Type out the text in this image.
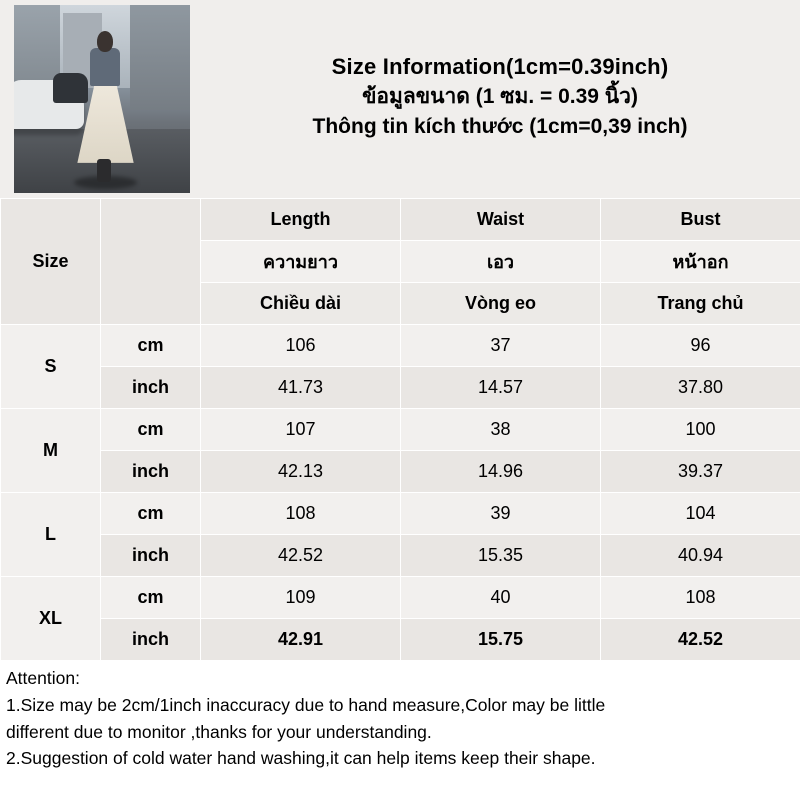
Size Information(1cm=0.39inch)
ข้อมูลขนาด (1 ซม. = 0.39 นิ้ว)
Thông tin kích thước (1cm=0,39 inch)
Size		Length	Waist	Bust
		ความยาว	เอว	หน้าอก
		Chiều dài	Vòng eo	Trang chủ
S	cm	106	37	96
	inch	41.73	14.57	37.80
M	cm	107	38	100
	inch	42.13	14.96	39.37
L	cm	108	39	104
	inch	42.52	15.35	40.94
XL	cm	109	40	108
	inch	42.91	15.75	42.52
Attention:
1.Size may be 2cm/1inch inaccuracy due to hand measure,Color may be little
different due to monitor ,thanks for your understanding.
2.Suggestion of cold water hand washing,it can help items keep their shape.
